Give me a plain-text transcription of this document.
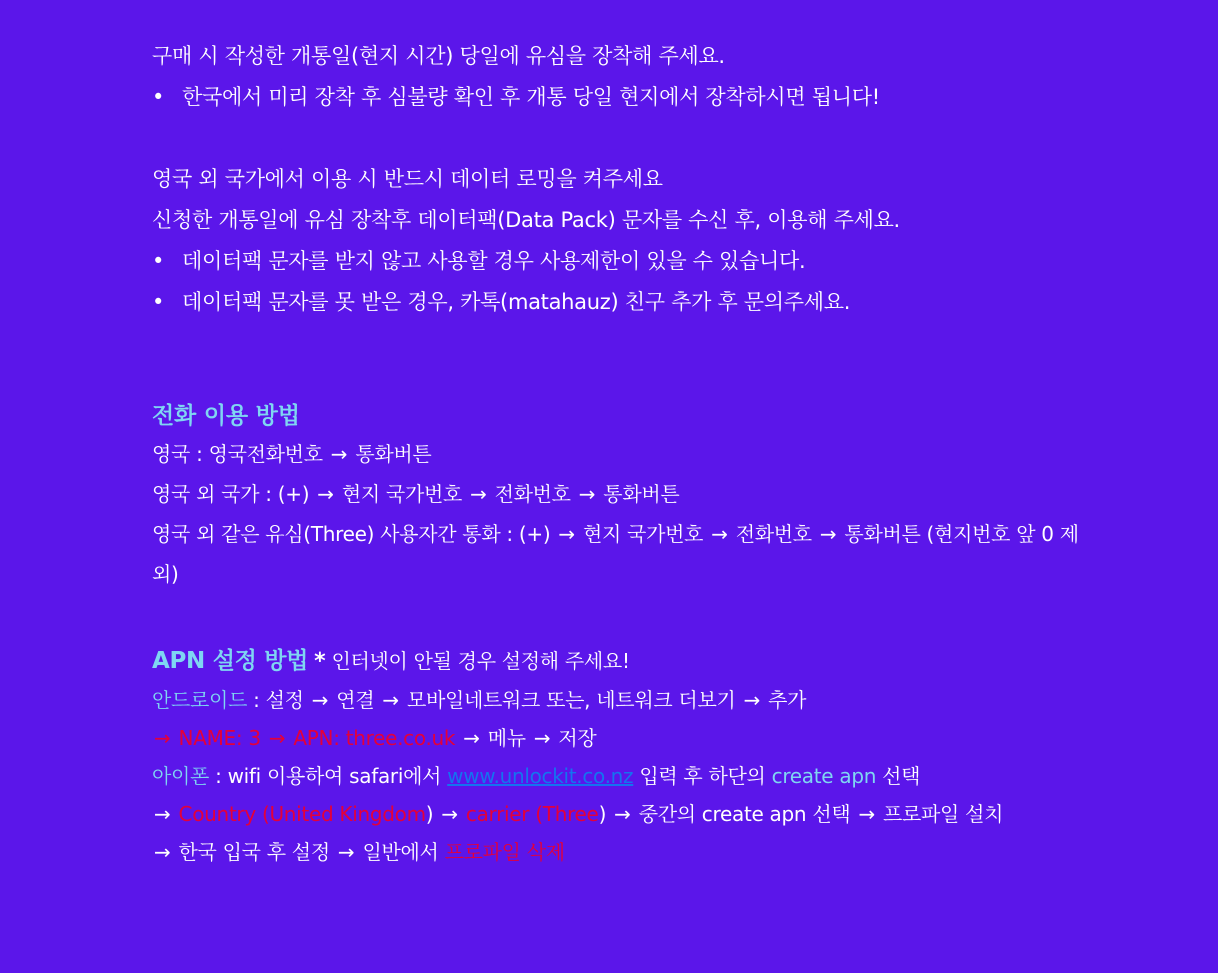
구매 시 작성한 개통일(현지 시간) 당일에 유심을 장착해 주세요.
• 한국에서 미리 장착 후 심불량 확인 후 개통 당일 현지에서 장착하시면 됩니다!

영국 외 국가에서 이용 시 반드시 데이터 로밍을 켜주세요
신청한 개통일에 유심 장착후 데이터팩(Data Pack) 문자를 수신 후, 이용해 주세요.
• 데이터팩 문자를 받지 않고 사용할 경우 사용제한이 있을 수 있습니다.
• 데이터팩 문자를 못 받은 경우, 카톡(matahauz) 친구 추가 후 문의주세요.
전화 이용 방법
영국 : 영국전화번호 → 통화버튼
영국 외 국가 : (+) → 현지 국가번호 → 전화번호 → 통화버튼
영국 외 같은 유심(Three) 사용자간 통화 : (+) → 현지 국가번호 → 전화번호 → 통화버튼 (현지번호 앞 0 제외)
APN 설정 방법 * 인터넷이 안될 경우 설정해 주세요!
안드로이드 : 설정 → 연결 → 모바일네트워크 또는, 네트워크 더보기 → 추가
→ NAME: 3 → APN: three.co.uk → 메뉴 → 저장
아이폰 : wifi 이용하여 safari에서 www.unlockit.co.nz 입력 후 하단의 create apn 선택
→ Country (United Kingdom) → carrier (Three) → 중간의 create apn 선택 → 프로파일 설치
→ 한국 입국 후 설정 → 일반에서 프로파일 삭제
